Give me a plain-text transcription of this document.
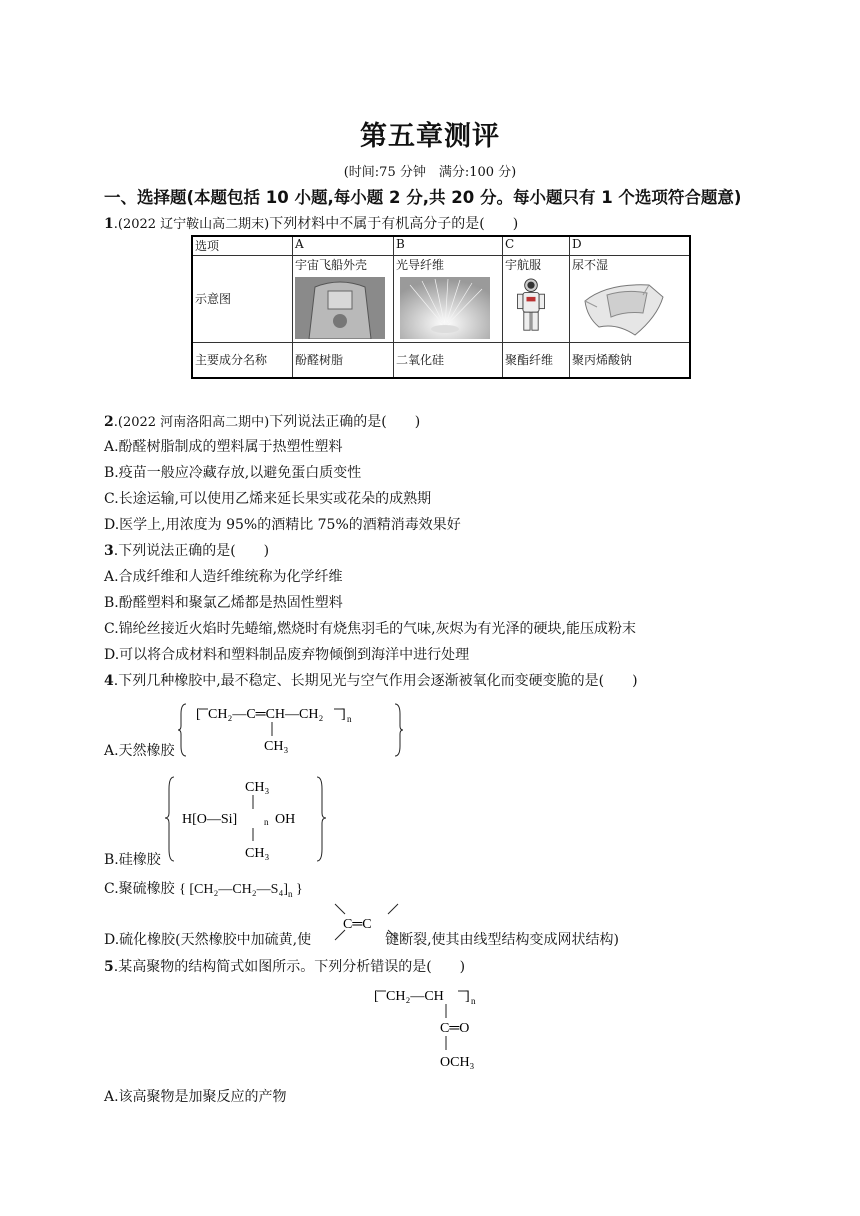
第五章测评
(时间:75 分钟　满分:100 分)
一、选择题(本题包括 10 小题,每小题 2 分,共 20 分。每小题只有 1 个选项符合题意)
1.(2022 辽宁鞍山高二期末)下列材料中不属于有机高分子的是( )
选项	A	B	C	D
示意图	宇宙飞船外壳	光导纤维	宇航服	尿不湿

主要成分名称	酚醛树脂	二氧化硅	聚酯纤维	聚丙烯酸钠
2.(2022 河南洛阳高二期中)下列说法正确的是( )
A.酚醛树脂制成的塑料属于热塑性塑料
B.疫苗一般应冷藏存放,以避免蛋白质变性
C.长途运输,可以使用乙烯来延长果实或花朵的成熟期
D.医学上,用浓度为 95%的酒精比 75%的酒精消毒效果好
3.下列说法正确的是( )
A.合成纤维和人造纤维统称为化学纤维
B.酚醛塑料和聚氯乙烯都是热固性塑料
C.锦纶丝接近火焰时先蜷缩,燃烧时有烧焦羽毛的气味,灰烬为有光泽的硬块,能压成粉末
D.可以将合成材料和塑料制品废弃物倾倒到海洋中进行处理
4.下列几种橡胶中,最不稳定、长期见光与空气作用会逐渐被氧化而变硬变脆的是( )
A.天然橡胶
[ CH₂—C═CH—CH₂ ] n
CH₃
B.硅橡胶
CH₃
H[O—Si]	n OH
CH₃
C.聚硫橡胶 { $[CH_2—CH_2—S_4]_n$ }
D.硫化橡胶(天然橡胶中加硫黄,使	键断裂,使其由线型结构变成网状结构)
C═C
5.某高聚物的结构简式如图所示。下列分析错误的是( )
[ CH₂—CH ] n
C═O
OCH₃
A.该高聚物是加聚反应的产物
